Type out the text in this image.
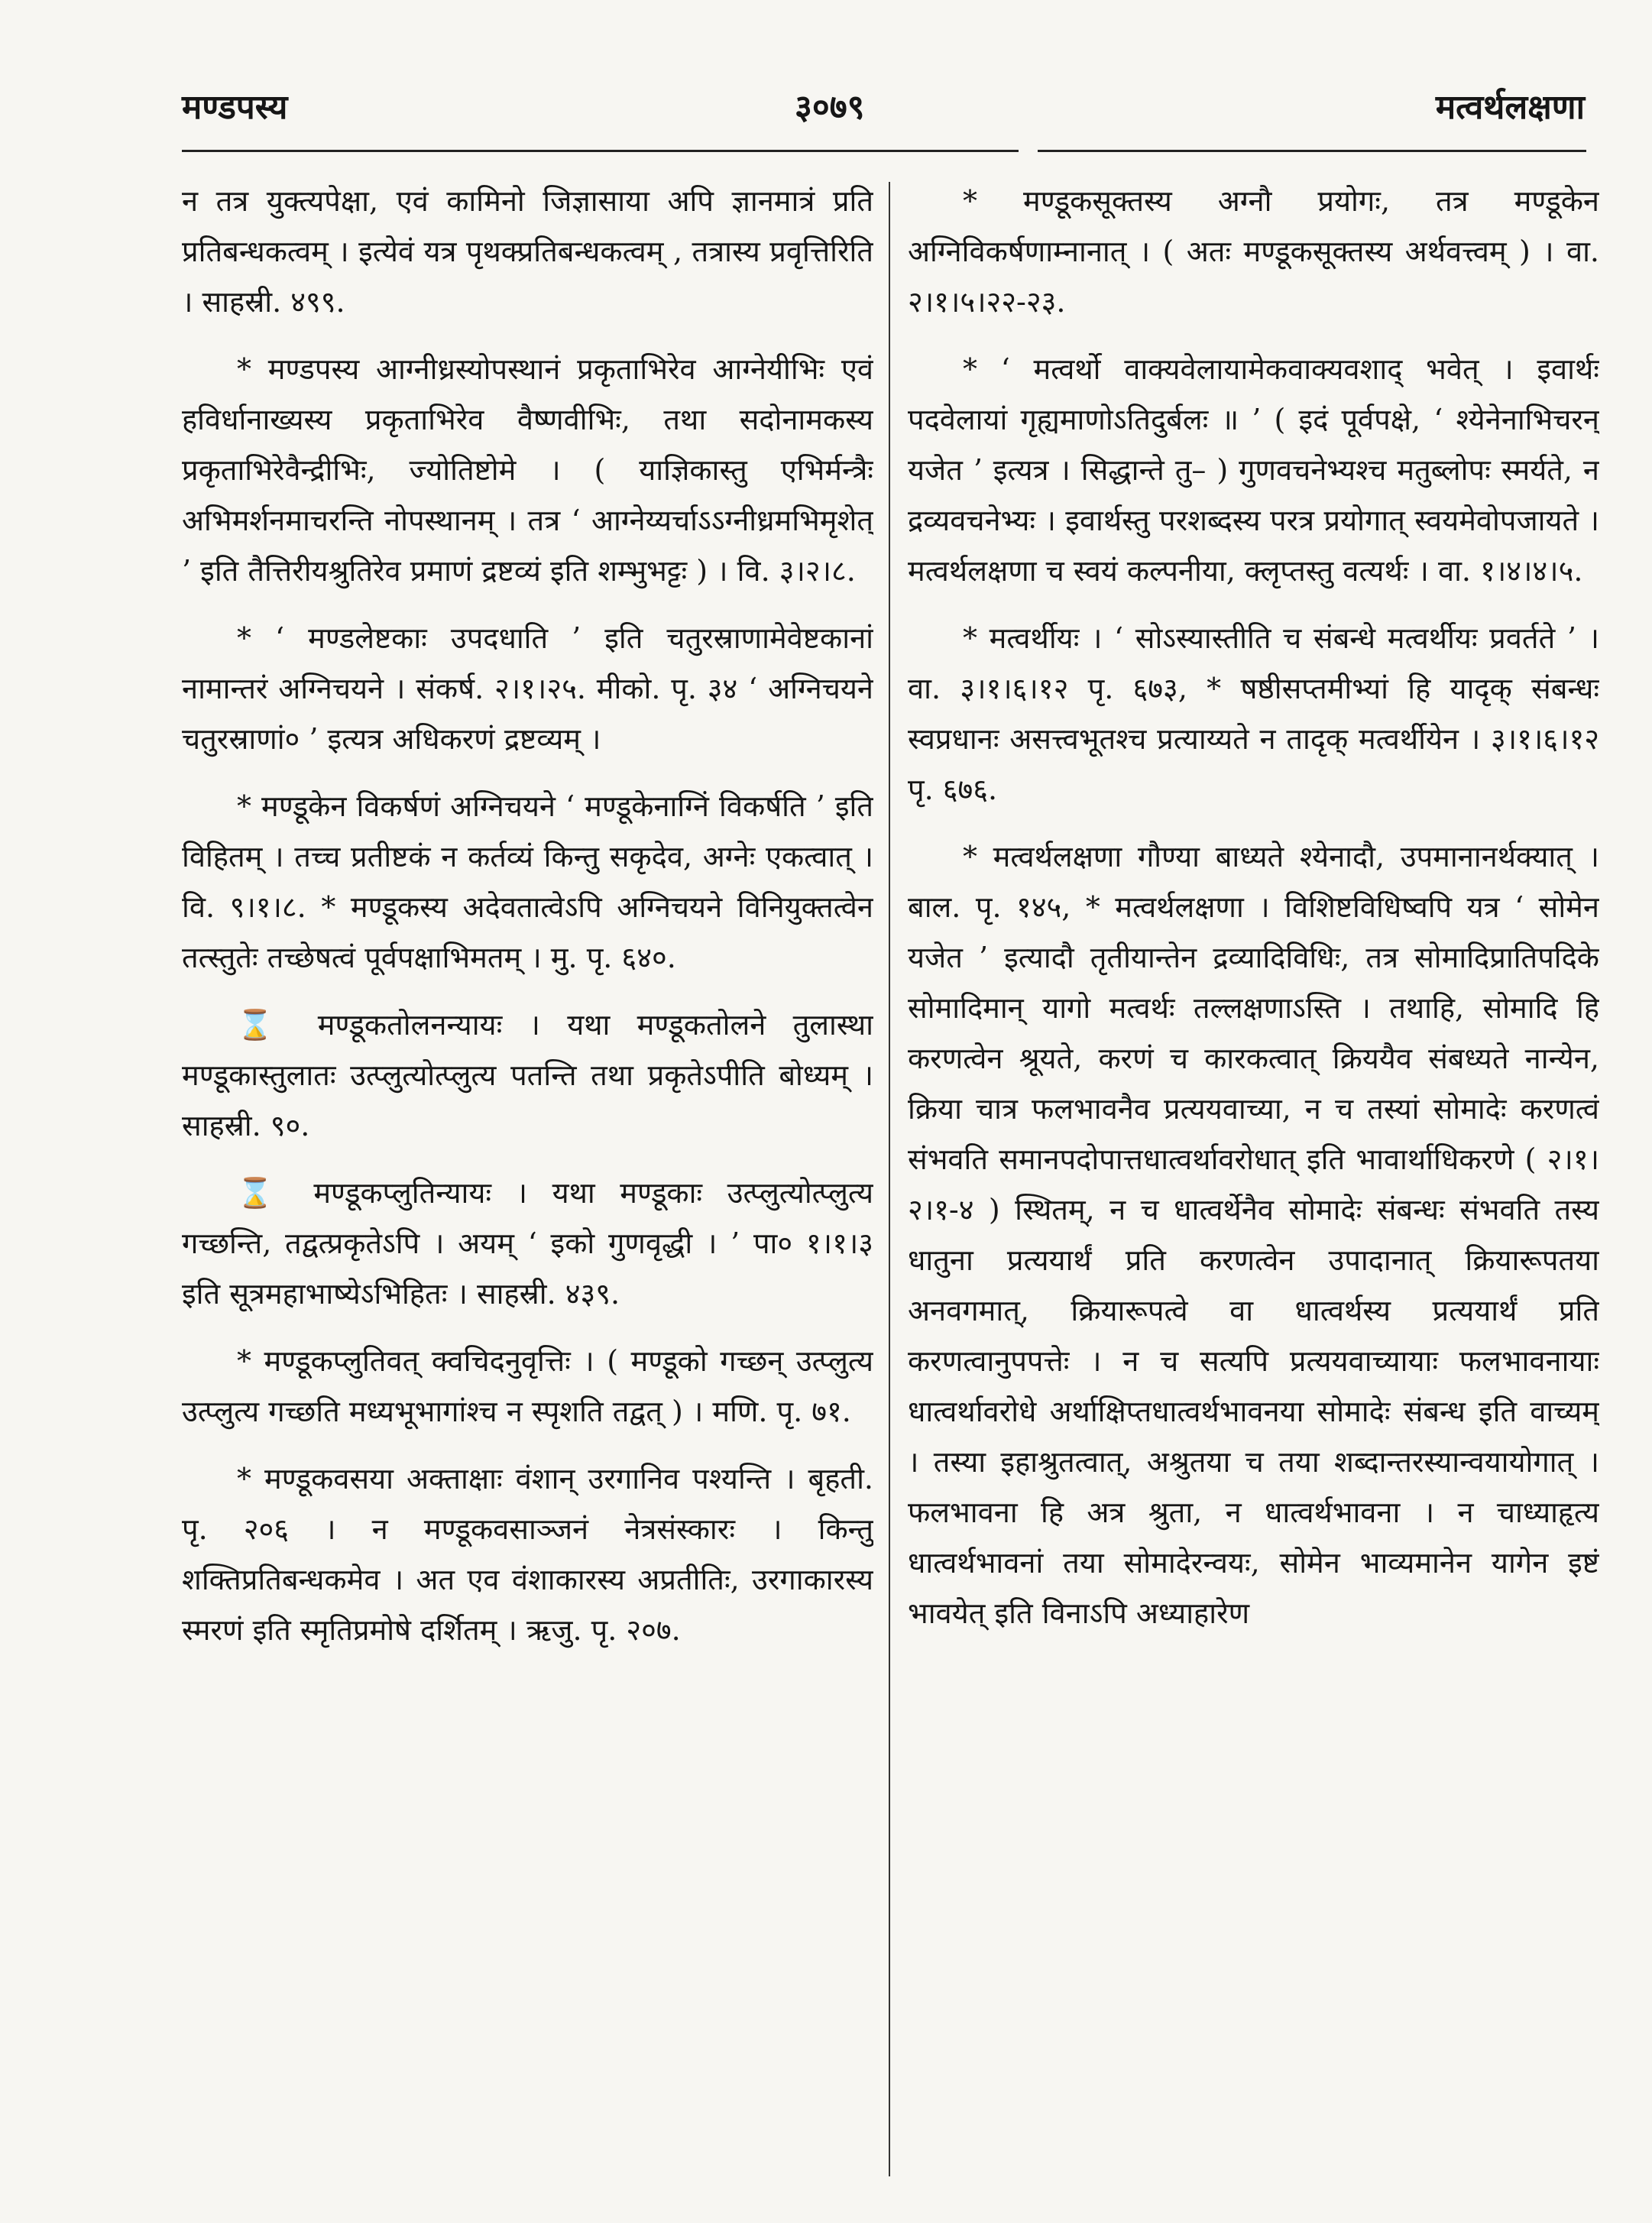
मण्डपस्य	३०७९	मत्वर्थलक्षणा

न तत्र युक्त्यपेक्षा, एवं कामिनो जिज्ञासाया अपि ज्ञानमात्रं प्रति प्रतिबन्धकत्वम् । इत्येवं यत्र पृथक्प्रतिबन्धकत्वम् , तत्रास्य प्रवृत्तिरिति । साहस्री. ४९९.

* मण्डपस्य आग्नीध्रस्योपस्थानं प्रकृताभिरेव आग्नेयीभिः एवं हविर्धानाख्यस्य प्रकृताभिरेव वैष्णवीभिः, तथा सदोनामकस्य प्रकृताभिरेवैन्द्रीभिः, ज्योतिष्टोमे । ( याज्ञिकास्तु एभिर्मन्त्रैः अभिमर्शनमाचरन्ति नोपस्थानम् । तत्र ‘ आग्नेय्यर्चाऽऽग्नीध्रमभिमृशेत् ’ इति तैत्तिरीयश्रुतिरेव प्रमाणं द्रष्टव्यं इति शम्भुभट्टः ) । वि. ३।२।८.

* ‘ मण्डलेष्टकाः उपदधाति ’ इति चतुरस्राणामेवेष्टकानां नामान्तरं अग्निचयने । संकर्ष. २।१।२५. मीको. पृ. ३४ ‘ अग्निचयने चतुरस्राणां० ’ इत्यत्र अधिकरणं द्रष्टव्यम् ।

* मण्डूकेन विकर्षणं अग्निचयने ‘ मण्डूकेनाग्निं विकर्षति ’ इति विहितम् । तच्च प्रतीष्टकं न कर्तव्यं किन्तु सकृदेव, अग्नेः एकत्वात् । वि. ९।१।८. * मण्डूकस्य अदेवतात्वेऽपि अग्निचयने विनियुक्तत्वेन तत्स्तुतेः तच्छेषत्वं पूर्वपक्षाभिमतम् । मु. पृ. ६४०.

⌛ मण्डूकतोलनन्यायः । यथा मण्डूकतोलने तुलास्था मण्डूकास्तुलातः उत्प्लुत्योत्प्लुत्य पतन्ति तथा प्रकृतेऽपीति बोध्यम् । साहस्री. ९०.

⌛ मण्डूकप्लुतिन्यायः । यथा मण्डूकाः उत्प्लुत्योत्प्लुत्य गच्छन्ति, तद्वत्प्रकृतेऽपि । अयम् ‘ इको गुणवृद्धी । ’ पा० १।१।३ इति सूत्रमहाभाष्येऽभिहितः । साहस्री. ४३९.

* मण्डूकप्लुतिवत् क्वचिदनुवृत्तिः । ( मण्डूको गच्छन् उत्प्लुत्य उत्प्लुत्य गच्छति मध्यभूभागांश्च न स्पृशति तद्वत् ) । मणि. पृ. ७१.

* मण्डूकवसया अक्ताक्षाः वंशान् उरगानिव पश्यन्ति । बृहती. पृ. २०६ । न मण्डूकवसाञ्जनं नेत्रसंस्कारः । किन्तु शक्तिप्रतिबन्धकमेव । अत एव वंशाकारस्य अप्रतीतिः, उरगाकारस्य स्मरणं इति स्मृतिप्रमोषे दर्शितम् । ऋजु. पृ. २०७.

* मण्डूकसूक्तस्य अग्नौ प्रयोगः, तत्र मण्डूकेन अग्निविकर्षणाम्नानात् । ( अतः मण्डूकसूक्तस्य अर्थवत्त्वम् ) । वा. २।१।५।२२-२३.

* ‘ मत्वर्थो वाक्यवेलायामेकवाक्यवशाद् भवेत् । इवार्थः पदवेलायां गृह्यमाणोऽतिदुर्बलः ॥ ’ ( इदं पूर्वपक्षे, ‘ श्येनेनाभिचरन् यजेत ’ इत्यत्र । सिद्धान्ते तु– ) गुणवचनेभ्यश्च मतुब्लोपः स्मर्यते, न द्रव्यवचनेभ्यः । इवार्थस्तु परशब्दस्य परत्र प्रयोगात् स्वयमेवोपजायते । मत्वर्थलक्षणा च स्वयं कल्पनीया, क्लृप्तस्तु वत्यर्थः । वा. १।४।४।५.

* मत्वर्थीयः । ‘ सोऽस्यास्तीति च संबन्धे मत्वर्थीयः प्रवर्तते ’ । वा. ३।१।६।१२ पृ. ६७३, * षष्ठीसप्तमीभ्यां हि यादृक् संबन्धः स्वप्रधानः असत्त्वभूतश्च प्रत्याय्यते न तादृक् मत्वर्थीयेन । ३।१।६।१२ पृ. ६७६.

* मत्वर्थलक्षणा गौण्या बाध्यते श्येनादौ, उपमानानर्थक्यात् । बाल. पृ. १४५, * मत्वर्थलक्षणा । विशिष्टविधिष्वपि यत्र ‘ सोमेन यजेत ’ इत्यादौ तृतीयान्तेन द्रव्यादिविधिः, तत्र सोमादिप्रातिपदिके सोमादिमान् यागो मत्वर्थः तल्लक्षणाऽस्ति । तथाहि, सोमादि हि करणत्वेन श्रूयते, करणं च कारकत्वात् क्रिययैव संबध्यते नान्येन, क्रिया चात्र फलभावनैव प्रत्ययवाच्या, न च तस्यां सोमादेः करणत्वं संभवति समानपदोपात्तधात्वर्थावरोधात् इति भावार्थाधिकरणे ( २।१।२।१-४ ) स्थितम्, न च धात्वर्थेनैव सोमादेः संबन्धः संभवति तस्य धातुना प्रत्ययार्थं प्रति करणत्वेन उपादानात् क्रियारूपतया अनवगमात्, क्रियारूपत्वे वा धात्वर्थस्य प्रत्ययार्थं प्रति करणत्वानुपपत्तेः । न च सत्यपि प्रत्ययवाच्यायाः फलभावनायाः धात्वर्थावरोधे अर्थाक्षिप्तधात्वर्थभावनया सोमादेः संबन्ध इति वाच्यम् । तस्या इहाश्रुतत्वात्, अश्रुतया च तया शब्दान्तरस्यान्वयायोगात् । फलभावना हि अत्र श्रुता, न धात्वर्थभावना । न चाध्याहृत्य धात्वर्थभावनां तया सोमादेरन्वयः, सोमेन भाव्यमानेन यागेन इष्टं भावयेत् इति विनाऽपि अध्याहारेण
